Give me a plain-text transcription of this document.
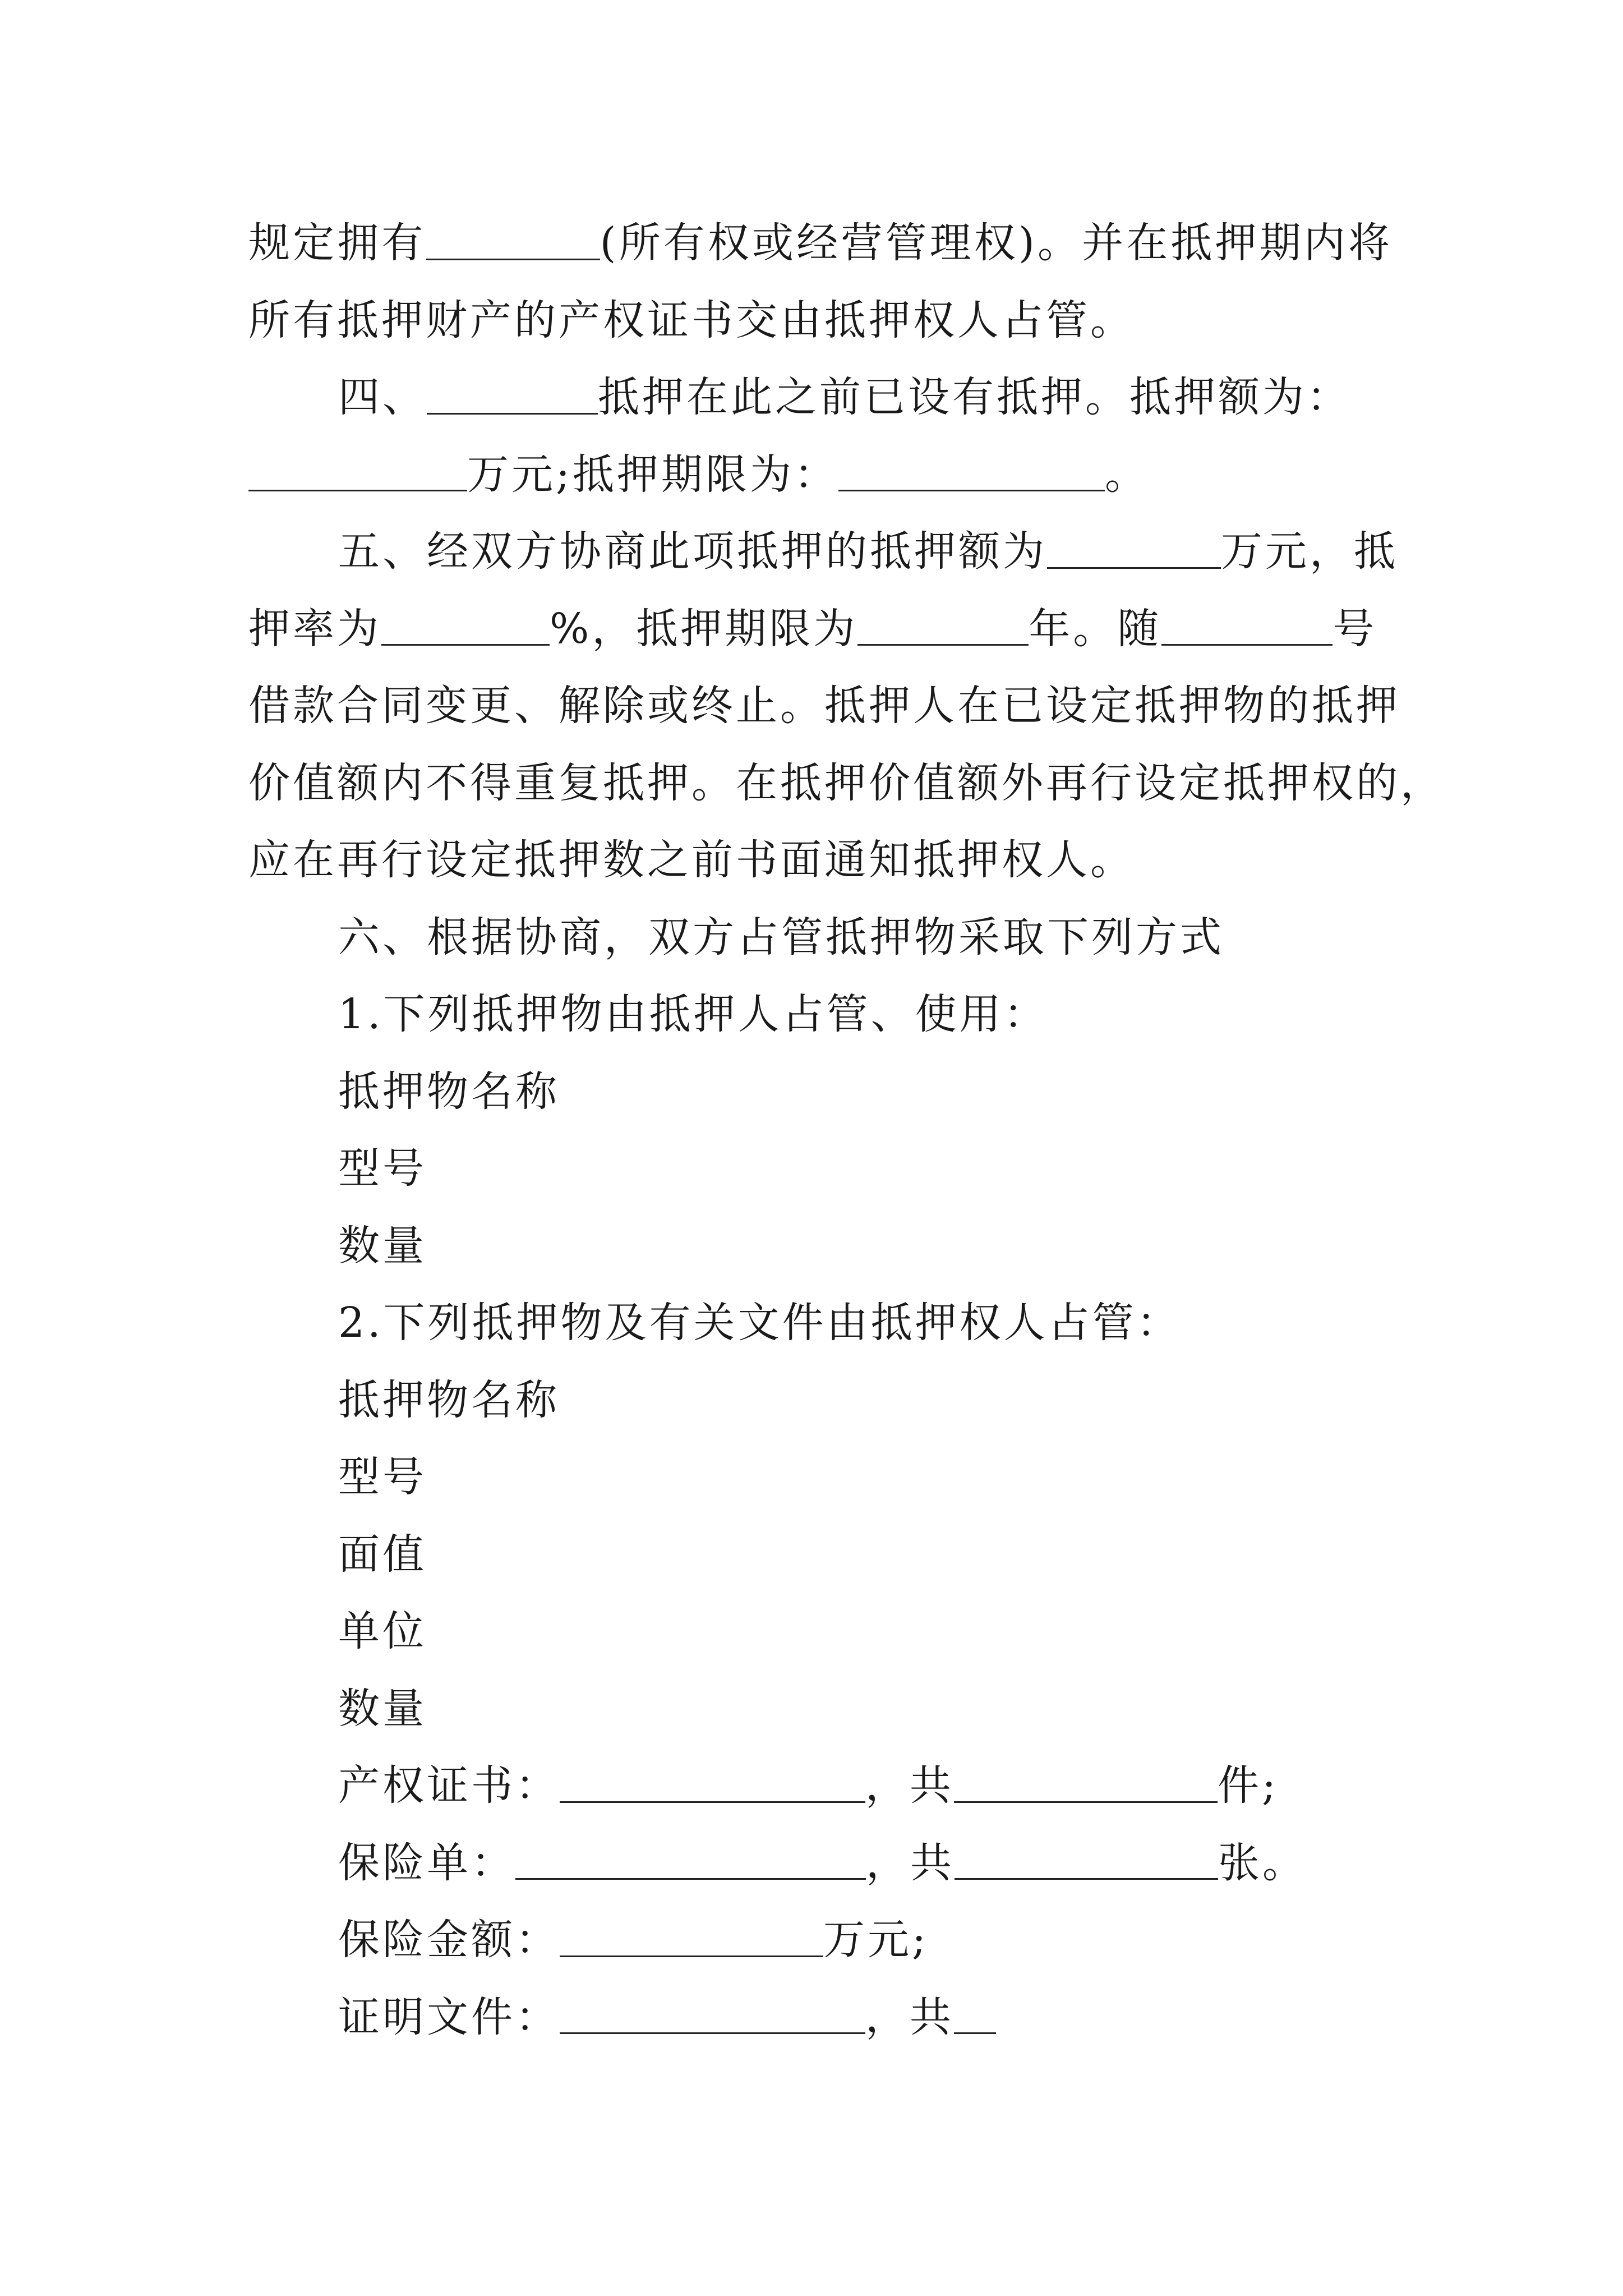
规定拥有	(所有权或经营管理权)。并在抵押期内将
所有抵押财产的产权证书交由抵押权人占管。
四、	抵押在此之前已设有抵押。抵押额为：
万元;抵押期限为：	。
五、经双方协商此项抵押的抵押额为	万元，抵
押率为	%，抵押期限为	年。随	号
借款合同变更、解除或终止。抵押人在已设定抵押物的抵押
价值额内不得重复抵押。在抵押价值额外再行设定抵押权的，
应在再行设定抵押数之前书面通知抵押权人。
六、根据协商，双方占管抵押物采取下列方式
1.下列抵押物由抵押人占管、使用：
抵押物名称
型号
数量
2.下列抵押物及有关文件由抵押权人占管：
抵押物名称
型号
面值
单位
数量
产权证书：	，共	件;
保险单：	，共	张。
保险金额：	万元;
证明文件：	，共
